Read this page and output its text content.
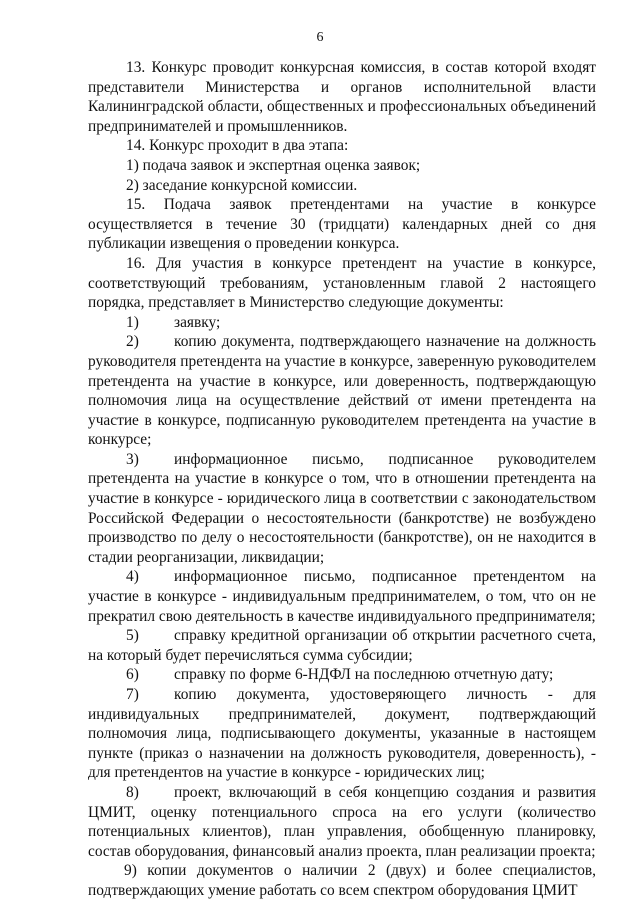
6

13. Конкурс проводит конкурсная комиссия, в состав которой входят представители Министерства и органов исполнительной власти Калининградской области, общественных и профессиональных объединений предпринимателей и промышленников.

14. Конкурс проходит в два этапа:

1) подача заявок и экспертная оценка заявок;

2) заседание конкурсной комиссии.

15. Подача заявок претендентами на участие в конкурсе осуществляется в течение 30 (тридцати) календарных дней со дня публикации извещения о проведении конкурса.

16. Для участия в конкурсе претендент на участие в конкурсе, соответствующий требованиям, установленным главой 2 настоящего порядка, представляет в Министерство следующие документы:

1) заявку;

2) копию документа, подтверждающего назначение на должность руководителя претендента на участие в конкурсе, заверенную руководителем претендента на участие в конкурсе, или доверенность, подтверждающую полномочия лица на осуществление действий от имени претендента на участие в конкурсе, подписанную руководителем претендента на участие в конкурсе;

3) информационное письмо, подписанное руководителем претендента на участие в конкурсе о том, что в отношении претендента на участие в конкурсе - юридического лица в соответствии с законодательством Российской Федерации о несостоятельности (банкротстве) не возбуждено производство по делу о несостоятельности (банкротстве), он не находится в стадии реорганизации, ликвидации;

4) информационное письмо, подписанное претендентом на участие в конкурсе - индивидуальным предпринимателем, о том, что он не прекратил свою деятельность в качестве индивидуального предпринимателя;

5) справку кредитной организации об открытии расчетного счета, на который будет перечисляться сумма субсидии;

6) справку по форме 6-НДФЛ на последнюю отчетную дату;

7) копию документа, удостоверяющего личность - для индивидуальных предпринимателей, документ, подтверждающий полномочия лица, подписывающего документы, указанные в настоящем пункте (приказ о назначении на должность руководителя, доверенность), - для претендентов на участие в конкурсе - юридических лиц;

8) проект, включающий в себя концепцию создания и развития ЦМИТ, оценку потенциального спроса на его услуги (количество потенциальных клиентов), план управления, обобщенную планировку, состав оборудования, финансовый анализ проекта, план реализации проекта;

9) копии документов о наличии 2 (двух) и более специалистов, подтверждающих умение работать со всем спектром оборудования ЦМИТ
